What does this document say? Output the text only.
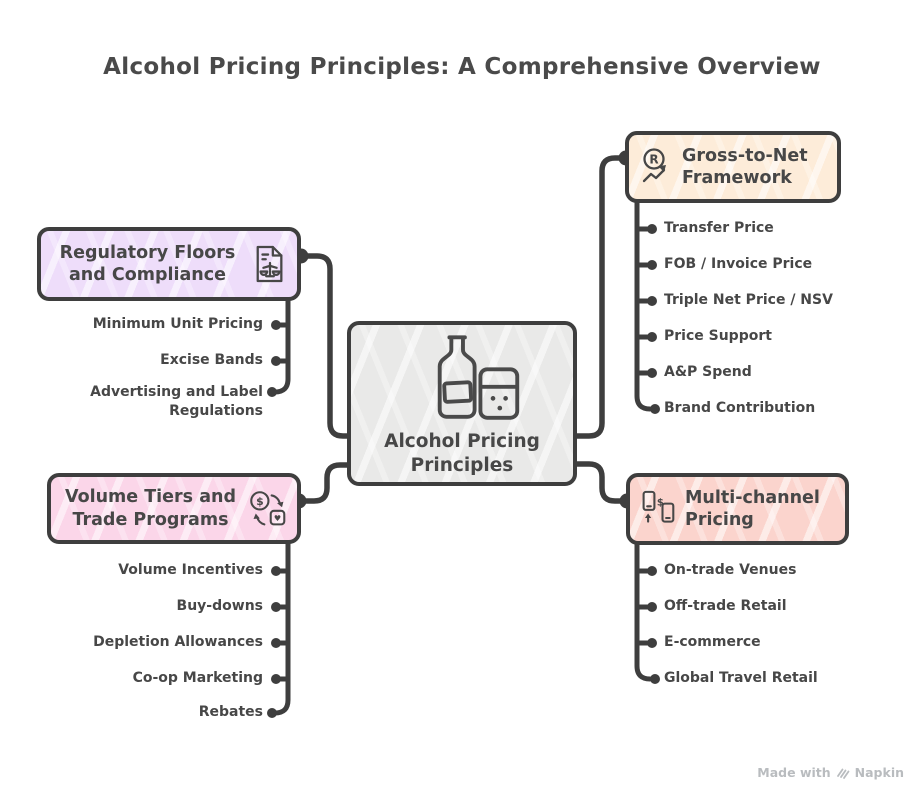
Alcohol Pricing Principles: A Comprehensive Overview
Alcohol Pricing Principles
Regulatory Floors and Compliance
R Gross-to-Net Framework
Volume Tiers and Trade Programs
$
♥
$ Multi-channel Pricing
Minimum Unit Pricing
Excise Bands
Advertising and Label Regulations
Transfer Price
FOB / Invoice Price
Triple Net Price / NSV
Price Support
A&P Spend
Brand Contribution
Volume Incentives
Buy-downs
Depletion Allowances
Co-op Marketing
Rebates
On-trade Venues
Off-trade Retail
E-commerce
Global Travel Retail
Made with Napkin
